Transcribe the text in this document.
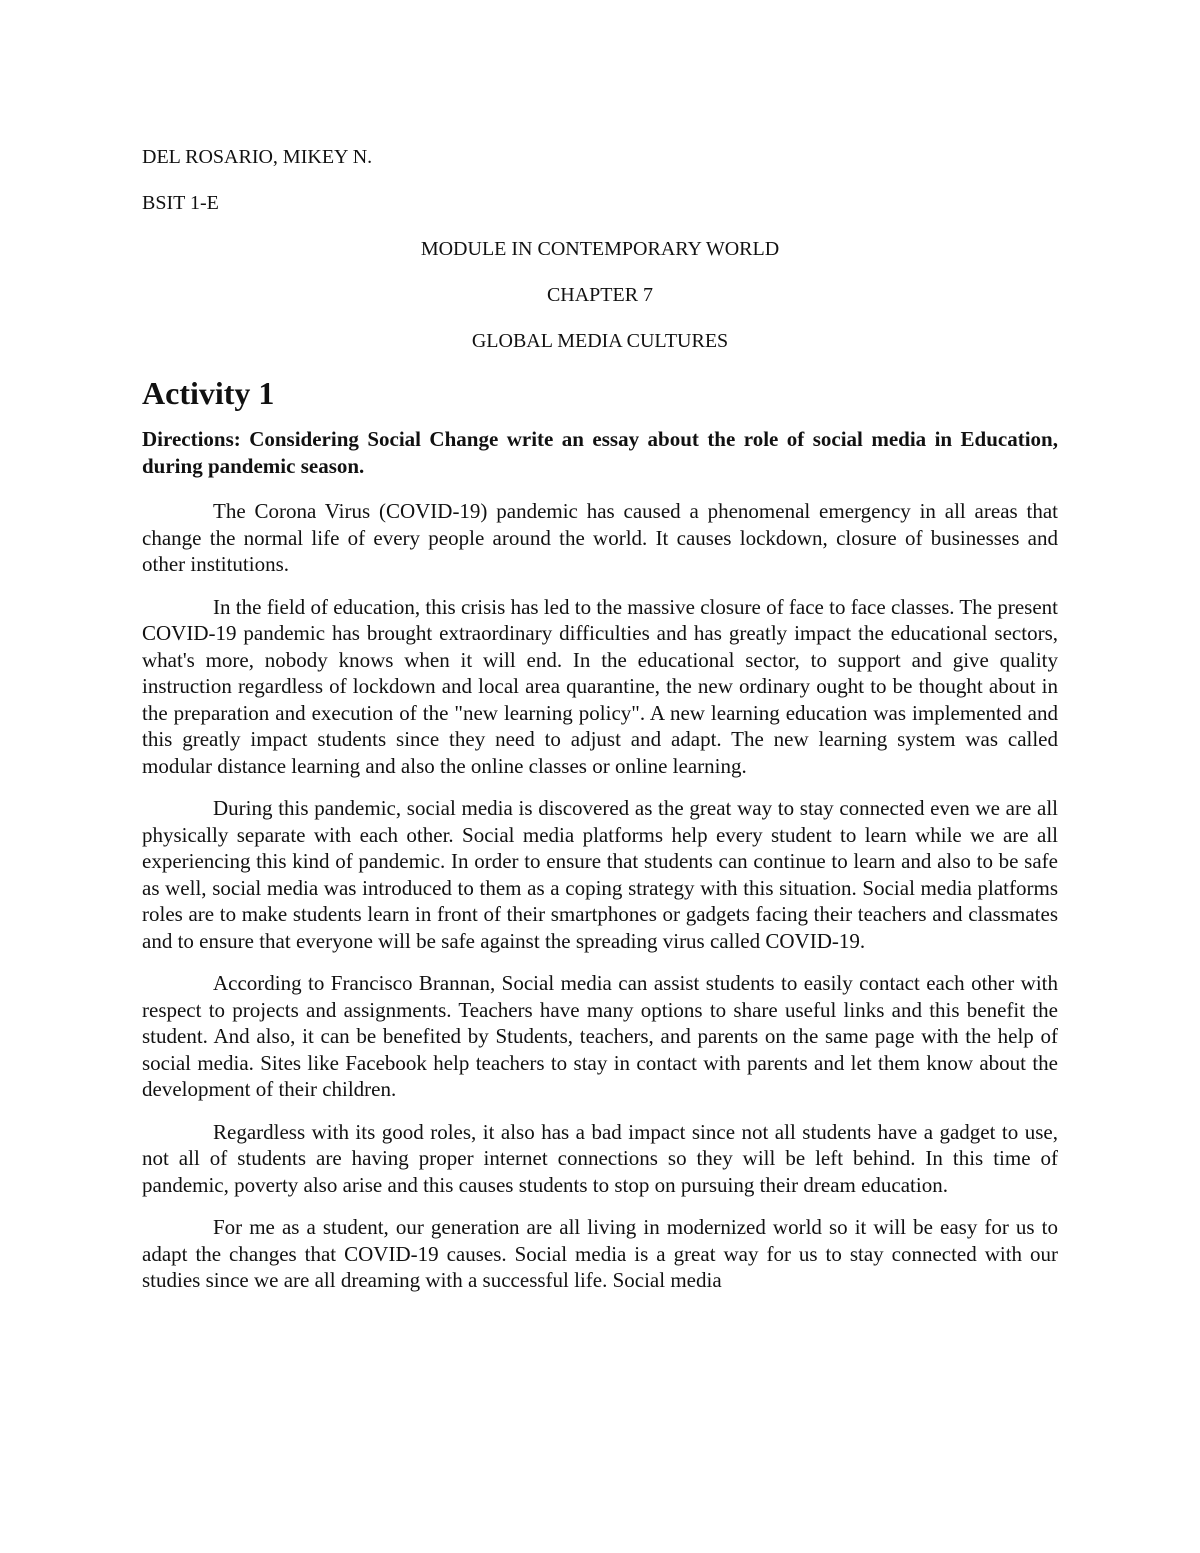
DEL ROSARIO, MIKEY N.
BSIT 1-E
MODULE IN CONTEMPORARY WORLD
CHAPTER 7
GLOBAL MEDIA CULTURES
Activity 1
Directions: Considering Social Change write an essay about the role of social media in Education, during pandemic season.
The Corona Virus (COVID-19) pandemic has caused a phenomenal emergency in all areas that change the normal life of every people around the world. It causes lockdown, closure of businesses and other institutions.
In the field of education, this crisis has led to the massive closure of face to face classes. The present COVID-19 pandemic has brought extraordinary difficulties and has greatly impact the educational sectors, what's more, nobody knows when it will end. In the educational sector, to support and give quality instruction regardless of lockdown and local area quarantine, the new ordinary ought to be thought about in the preparation and execution of the "new learning policy". A new learning education was implemented and this greatly impact students since they need to adjust and adapt. The new learning system was called modular distance learning and also the online classes or online learning.
During this pandemic, social media is discovered as the great way to stay connected even we are all physically separate with each other. Social media platforms help every student to learn while we are all experiencing this kind of pandemic. In order to ensure that students can continue to learn and also to be safe as well, social media was introduced to them as a coping strategy with this situation. Social media platforms roles are to make students learn in front of their smartphones or gadgets facing their teachers and classmates and to ensure that everyone will be safe against the spreading virus called COVID-19.
According to Francisco Brannan, Social media can assist students to easily contact each other with respect to projects and assignments. Teachers have many options to share useful links and this benefit the student. And also, it can be benefited by Students, teachers, and parents on the same page with the help of social media. Sites like Facebook help teachers to stay in contact with parents and let them know about the development of their children.
Regardless with its good roles, it also has a bad impact since not all students have a gadget to use, not all of students are having proper internet connections so they will be left behind. In this time of pandemic, poverty also arise and this causes students to stop on pursuing their dream education.
For me as a student, our generation are all living in modernized world so it will be easy for us to adapt the changes that COVID-19 causes. Social media is a great way for us to stay connected with our studies since we are all dreaming with a successful life. Social media
